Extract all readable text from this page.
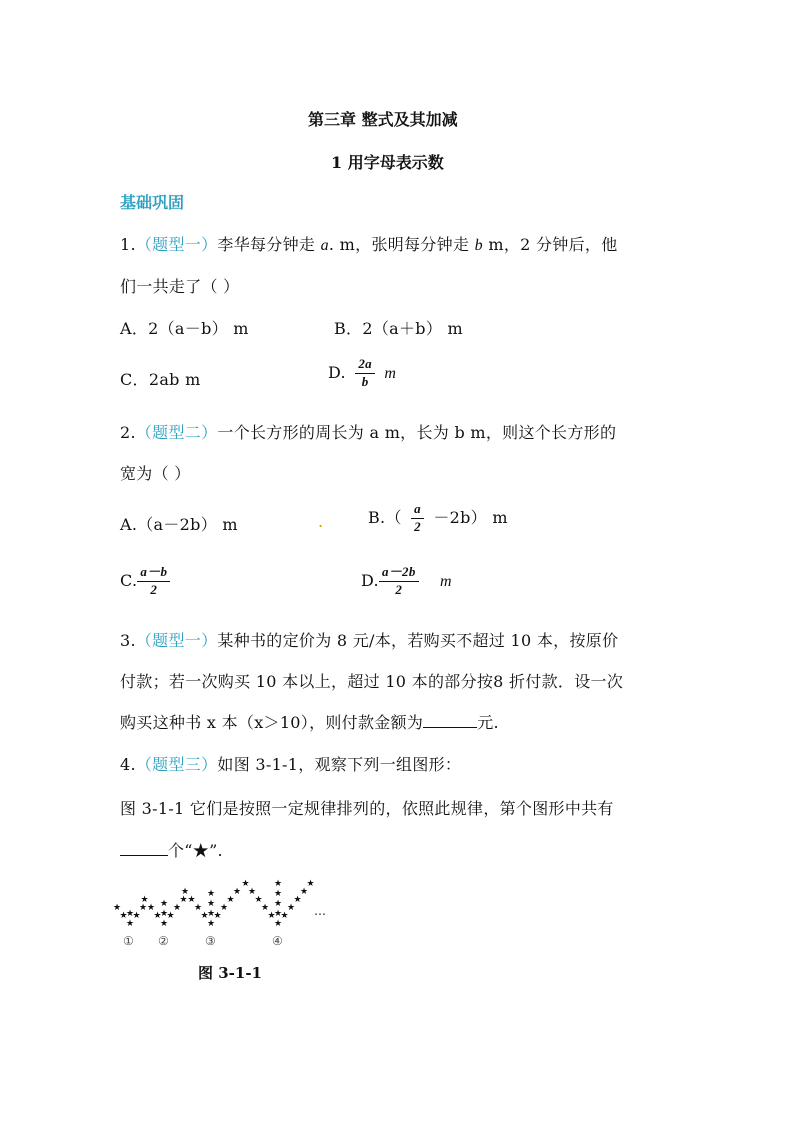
第三章 整式及其加减
1 用字母表示数
基础巩固
1.（题型一）李华每分钟走 a. m，张明每分钟走 b m，2 分钟后，他
们一共走了（ ）
A．2（a－b） m	B．2（a＋b） m
C．2ab m	D. $\frac{2a}{b}$ m
2.（题型二）一个长方形的周长为 a m，长为 b m，则这个长方形的
宽为（ ）
A.（a－2b） m	.	$B.( \frac{a}{2} -2b)$ m
C. $\frac{a-b}{2}$	D. $\frac{a-2b}{2}$ m
3.（题型一）某种书的定价为 8 元/本，若购买不超过 10 本，按原价
付款；若一次购买 10 本以上，超过 10 本的部分按8 折付款．设一次
购买这种书 x 本（x＞10），则付款金额为	元.
4.（题型三）如图 3-1-1，观察下列一组图形：
图 3-1-1 它们是按照一定规律排列的，依照此规律，第个图形中共有
个“★”.
★
★ ★
★ ★
★
★
★ ★
★ ★
★	★
★
★
★
★ ★
★ ★
★	★
★	★
★
★
★
★
★ ★
★ ★
★	★
★	★
★	★
★
★
★
★
① ②	③	④
…
图 3-1-1
